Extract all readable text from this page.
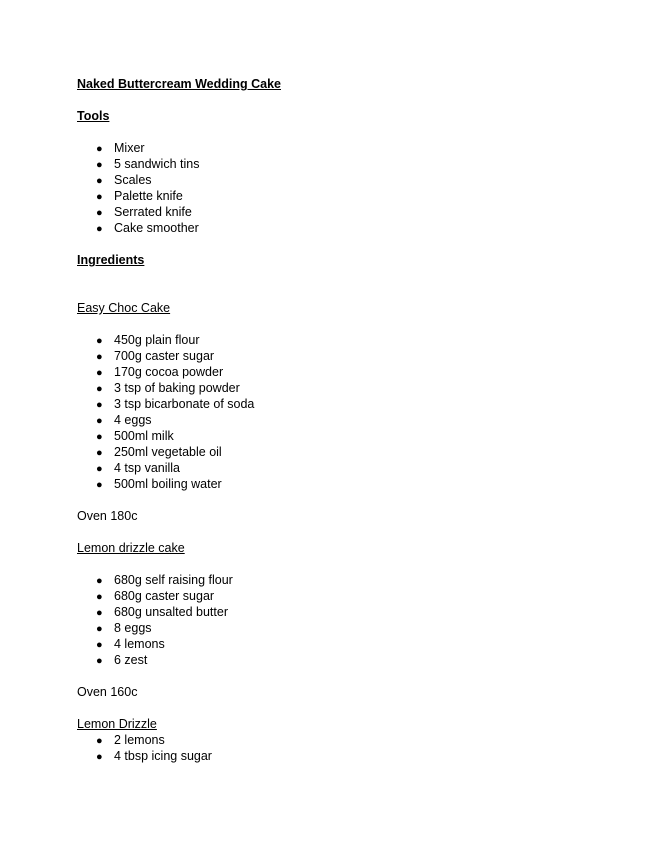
Naked Buttercream Wedding Cake
Tools
● Mixer
● 5 sandwich tins
● Scales
● Palette knife
● Serrated knife
● Cake smoother
Ingredients
Easy Choc Cake
● 450g plain flour
● 700g caster sugar
● 170g cocoa powder
● 3 tsp of baking powder
● 3 tsp bicarbonate of soda
● 4 eggs
● 500ml milk
● 250ml vegetable oil
● 4 tsp vanilla
● 500ml boiling water
Oven 180c
Lemon drizzle cake
● 680g self raising flour
● 680g caster sugar
● 680g unsalted butter
● 8 eggs
● 4 lemons
● 6 zest
Oven 160c
Lemon Drizzle
● 2 lemons
● 4 tbsp icing sugar
